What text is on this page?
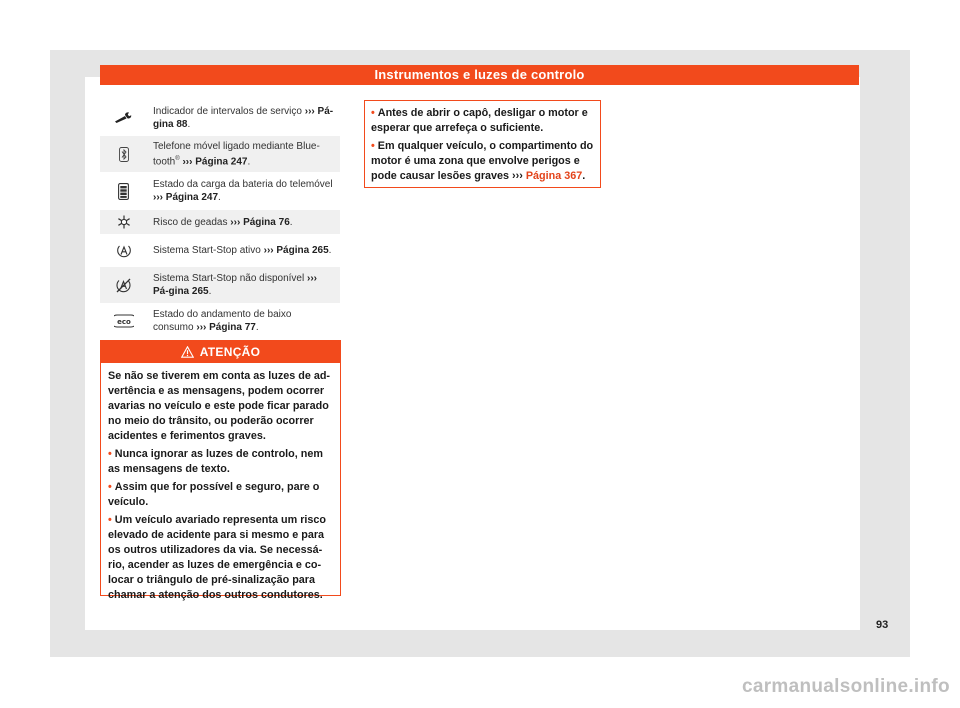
Instrumentos e luzes de controlo
Indicador de intervalos de serviço ››› Pá-gina 88.
Telefone móvel ligado mediante Blue-tooth® ››› Página 247.
Estado da carga da bateria do telemóvel ››› Página 247.
Risco de geadas ››› Página 76.
Sistema Start-Stop ativo ››› Página 265.
Sistema Start-Stop não disponível ››› Pá-gina 265.
eco
Estado do andamento de baixo consumo ››› Página 77.
ATENÇÃO

Se não se tiverem em conta as luzes de ad-vertência e as mensagens, podem ocorrer avarias no veículo e este pode ficar parado no meio do trânsito, ou poderão ocorrer acidentes e ferimentos graves.

• Nunca ignorar as luzes de controlo, nem as mensagens de texto.

• Assim que for possível e seguro, pare o veículo.

• Um veículo avariado representa um risco elevado de acidente para si mesmo e para os outros utilizadores da via. Se necessá-rio, acender as luzes de emergência e co-locar o triângulo de pré-sinalização para chamar a atenção dos outros condutores.

• Antes de abrir o capô, desligar o motor e esperar que arrefeça o suficiente.

• Em qualquer veículo, o compartimento do motor é uma zona que envolve perigos e pode causar lesões graves ››› Página 367.

93
carmanualsonline.info
